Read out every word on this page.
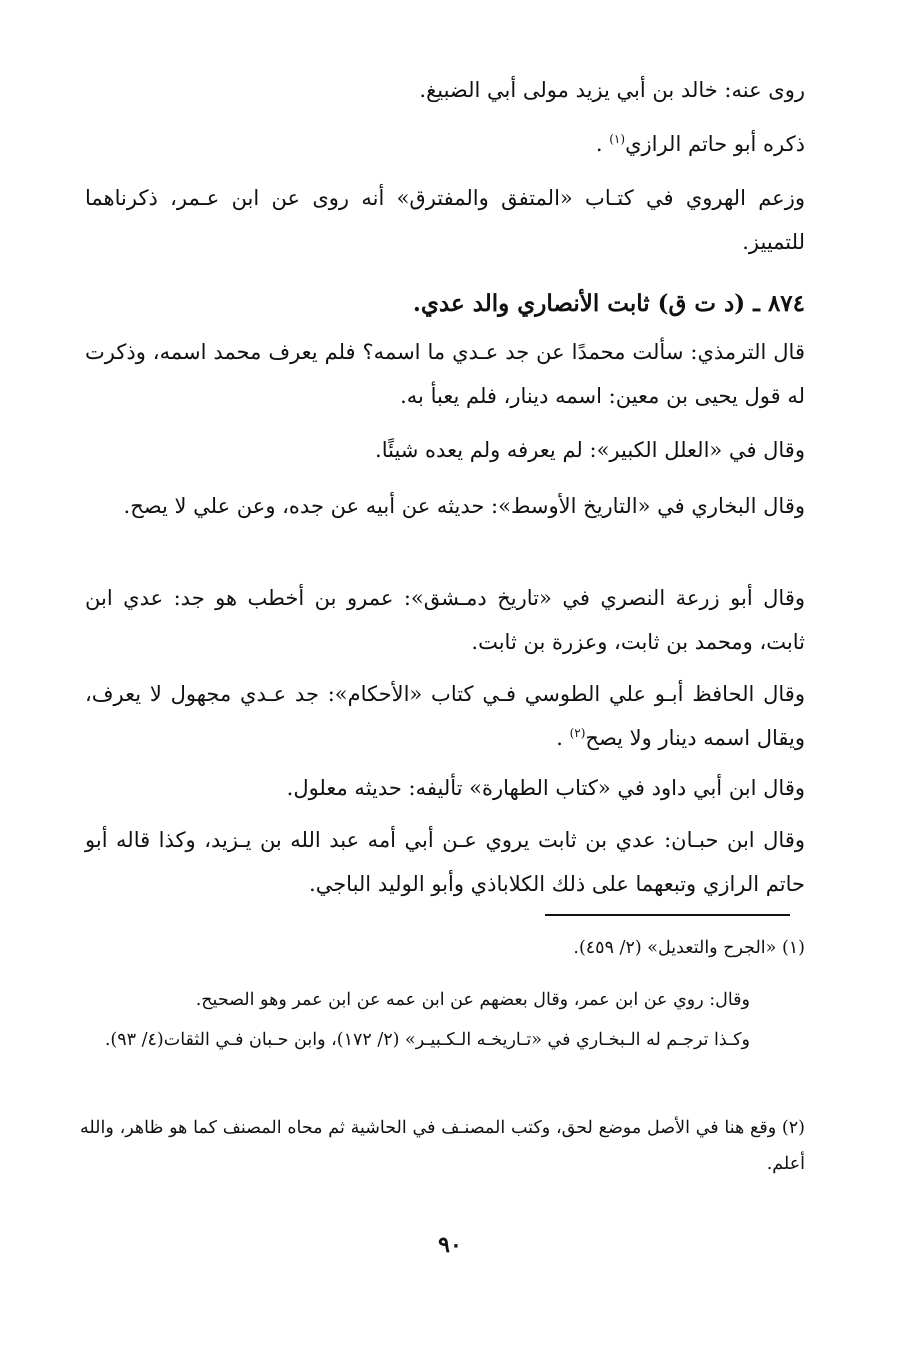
روى عنه: خالد بن أبي يزيد مولى أبي الضبيغ.
ذكره أبو حاتم الرازي$^{(١)}$ .
وزعم الهروي في كتـاب «المتفق والمفترق» أنه روى عن ابن عـمر، ذكرناهما للتمييز.
٨٧٤ ـ (د ت ق) ثابت الأنصاري والد عدي.
قال الترمذي: سألت محمدًا عن جد عـدي ما اسمه؟ فلم يعرف محمد اسمه، وذكرت له قول يحيى بن معين: اسمه دينار، فلم يعبأ به.
وقال في «العلل الكبير»: لم يعرفه ولم يعده شيئًا.
وقال البخاري في «التاريخ الأوسط»: حديثه عن أبيه عن جده، وعن علي لا يصح.
وقال أبو زرعة النصري في «تاريخ دمـشق»: عمرو بن أخطب هو جد: عدي ابن ثابت، ومحمد بن ثابت، وعزرة بن ثابت.
وقال الحافظ أبـو علي الطوسي فـي كتاب «الأحكام»: جد عـدي مجهول لا يعرف، ويقال اسمه دينار ولا يصح$^{(٢)}$ .
وقال ابن أبي داود في «كتاب الطهارة» تأليفه: حديثه معلول.
وقال ابن حبـان: عدي بن ثابت يروي عـن أبي أمه عبد الله بن يـزيد، وكذا قاله أبو حاتم الرازي وتبعهما على ذلك الكلاباذي وأبو الوليد الباجي.
(١) «الجرح والتعديل» (٢/ ٤٥٩).
وقال: روي عن ابن عمر، وقال بعضهم عن ابن عمه عن ابن عمر وهو الصحيح.
وكـذا ترجـم له الـبخـاري في «تـاريخـه الـكـبيـر» (٢/ ١٧٢)، وابن حـبان فـي الثقات(٤/ ٩٣).
(٢) وقع هنا في الأصل موضع لحق، وكتب المصنـف في الحاشية ثم محاه المصنف كما هو ظاهر، والله أعلم.
٩٠
